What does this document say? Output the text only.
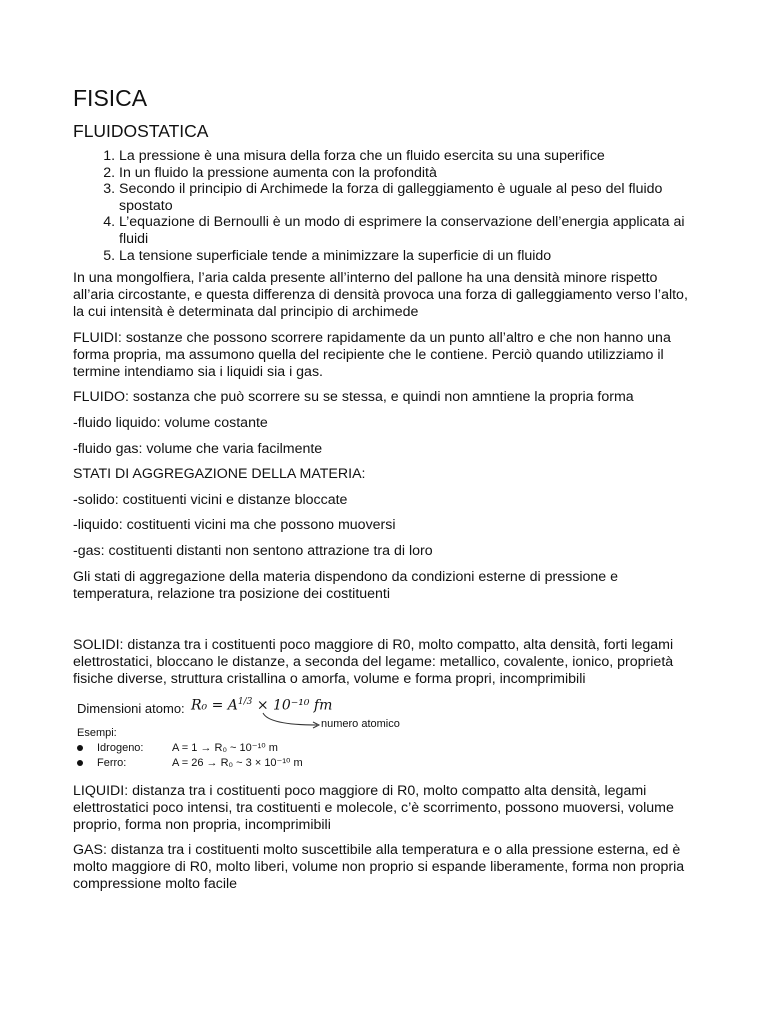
FISICA
FLUIDOSTATICA
1. La pressione è una misura della forza che un fluido esercita su una superifice
2. In un fluido la pressione aumenta con la profondità
3. Secondo il principio di Archimede la forza di galleggiamento è uguale al peso del fluido spostato
4. L’equazione di Bernoulli è un modo di esprimere la conservazione dell’energia applicata ai fluidi
5. La tensione superficiale tende a minimizzare la superficie di un fluido

In una mongolfiera, l’aria calda presente all’interno del pallone ha una densità minore rispetto all’aria circostante, e questa differenza di densità provoca una forza di galleggiamento verso l’alto, la cui intensità è determinata dal principio di archimede

FLUIDI: sostanze che possono scorrere rapidamente da un punto all’altro e che non hanno una forma propria, ma assumono quella del recipiente che le contiene. Perciò quando utilizziamo il termine intendiamo sia i liquidi sia i gas.

FLUIDO: sostanza che può scorrere su se stessa, e quindi non amntiene la propria forma

-fluido liquido: volume costante

-fluido gas: volume che varia facilmente

STATI DI AGGREGAZIONE DELLA MATERIA:

-solido: costituenti vicini e distanze bloccate

-liquido: costituenti vicini ma che possono muoversi

-gas: costituenti distanti non sentono attrazione tra di loro

Gli stati di aggregazione della materia dispendono da condizioni esterne di pressione e temperatura, relazione tra posizione dei costituenti

SOLIDI: distanza tra i costituenti poco maggiore di R0, molto compatto, alta densità, forti legami elettrostatici, bloccano le distanze, a seconda del legame: metallico, covalente, ionico, proprietà fisiche diverse, struttura cristallina o amorfa, volume e forma propri, incomprimibili

Dimensioni atomo: $R_0 = A^{1/3} \times 10^{-10}$ fm
numero atomico
Esempi:
Idrogeno:	A = 1 → R₀ ~ 10⁻¹⁰ m
Ferro:	A = 26 → R₀ ~ 3 × 10⁻¹⁰ m

LIQUIDI: distanza tra i costituenti poco maggiore di R0, molto compatto alta densità, legami elettrostatici poco intensi, tra costituenti e molecole, c’è scorrimento, possono muoversi, volume proprio, forma non propria, incomprimibili

GAS: distanza tra i costituenti molto suscettibile alla temperatura e o alla pressione esterna, ed è molto maggiore di R0, molto liberi, volume non proprio si espande liberamente, forma non propria compressione molto facile
